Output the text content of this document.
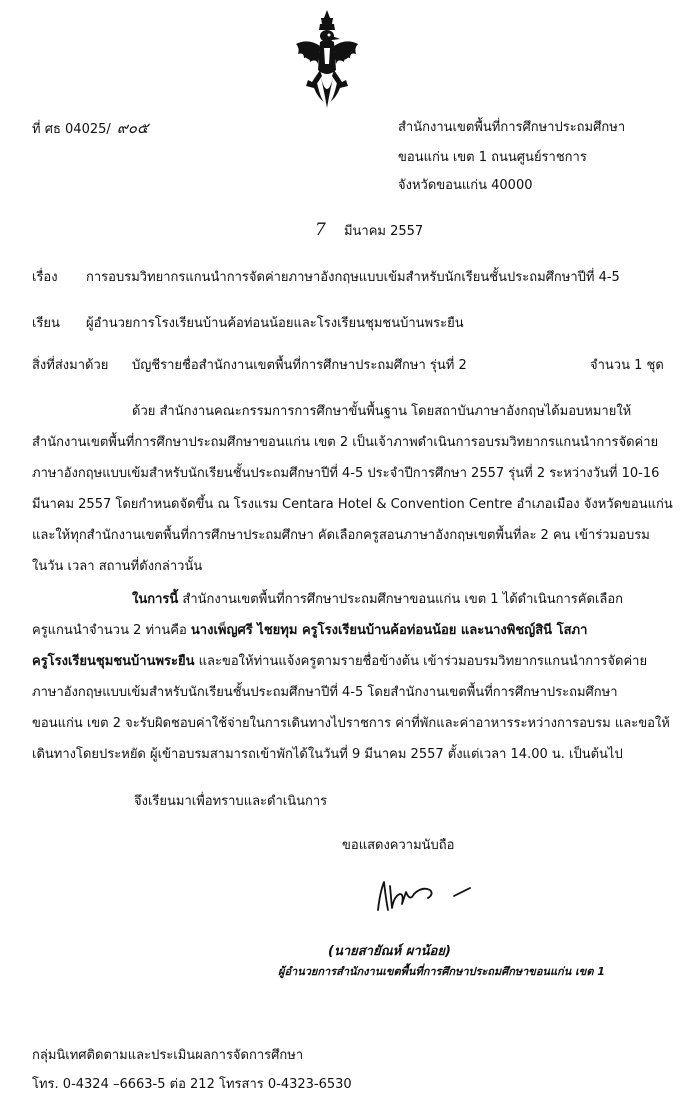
ที่ ศธ 04025/ ๙๐๕	สำนักงานเขตพื้นที่การศึกษาประถมศึกษา
ขอนแก่น เขต 1 ถนนศูนย์ราชการ
จังหวัดขอนแก่น 40000
7 มีนาคม 2557
เรื่อง การอบรมวิทยากรแกนนำการจัดค่ายภาษาอังกฤษแบบเข้มสำหรับนักเรียนชั้นประถมศึกษาปีที่ 4-5
เรียน ผู้อำนวยการโรงเรียนบ้านค้อท่อนน้อยและโรงเรียนชุมชนบ้านพระยืน
สิ่งที่ส่งมาด้วย บัญชีรายชื่อสำนักงานเขตพื้นที่การศึกษาประถมศึกษา รุ่นที่ 2	จำนวน 1 ชุด
ด้วย สำนักงานคณะกรรมการการศึกษาขั้นพื้นฐาน โดยสถาบันภาษาอังกฤษได้มอบหมายให้
สำนักงานเขตพื้นที่การศึกษาประถมศึกษาขอนแก่น เขต 2 เป็นเจ้าภาพดำเนินการอบรมวิทยากรแกนนำการจัดค่าย
ภาษาอังกฤษแบบเข้มสำหรับนักเรียนชั้นประถมศึกษาปีที่ 4-5 ประจำปีการศึกษา 2557 รุ่นที่ 2 ระหว่างวันที่ 10-16
มีนาคม 2557 โดยกำหนดจัดขึ้น ณ โรงแรม Centara Hotel & Convention Centre อำเภอเมือง จังหวัดขอนแก่น
และให้ทุกสำนักงานเขตพื้นที่การศึกษาประถมศึกษา คัดเลือกครูสอนภาษาอังกฤษเขตพื้นที่ละ 2 คน เข้าร่วมอบรม
ในวัน เวลา สถานที่ดังกล่าวนั้น
ในการนี้ สำนักงานเขตพื้นที่การศึกษาประถมศึกษาขอนแก่น เขต 1 ได้ดำเนินการคัดเลือก
ครูแกนนำจำนวน 2 ท่านคือ นางเพ็ญศรี ไชยทุม ครูโรงเรียนบ้านค้อท่อนน้อย และนางพิชญ์สินี โสภา
ครูโรงเรียนชุมชนบ้านพระยืน และขอให้ท่านแจ้งครูตามรายชื่อข้างต้น เข้าร่วมอบรมวิทยากรแกนนำการจัดค่าย
ภาษาอังกฤษแบบเข้มสำหรับนักเรียนชั้นประถมศึกษาปีที่ 4-5 โดยสำนักงานเขตพื้นที่การศึกษาประถมศึกษา
ขอนแก่น เขต 2 จะรับผิดชอบค่าใช้จ่ายในการเดินทางไปราชการ ค่าที่พักและค่าอาหารระหว่างการอบรม และขอให้
เดินทางโดยประหยัด ผู้เข้าอบรมสามารถเข้าพักได้ในวันที่ 9 มีนาคม 2557 ตั้งแต่เวลา 14.00 น. เป็นต้นไป
จึงเรียนมาเพื่อทราบและดำเนินการ
ขอแสดงความนับถือ
(นายสายัณห์ ผาน้อย)
ผู้อำนวยการสำนักงานเขตพื้นที่การศึกษาประถมศึกษาขอนแก่น เขต 1
กลุ่มนิเทศติดตามและประเมินผลการจัดการศึกษา
โทร. 0-4324 –6663-5 ต่อ 212 โทรสาร 0-4323-6530
